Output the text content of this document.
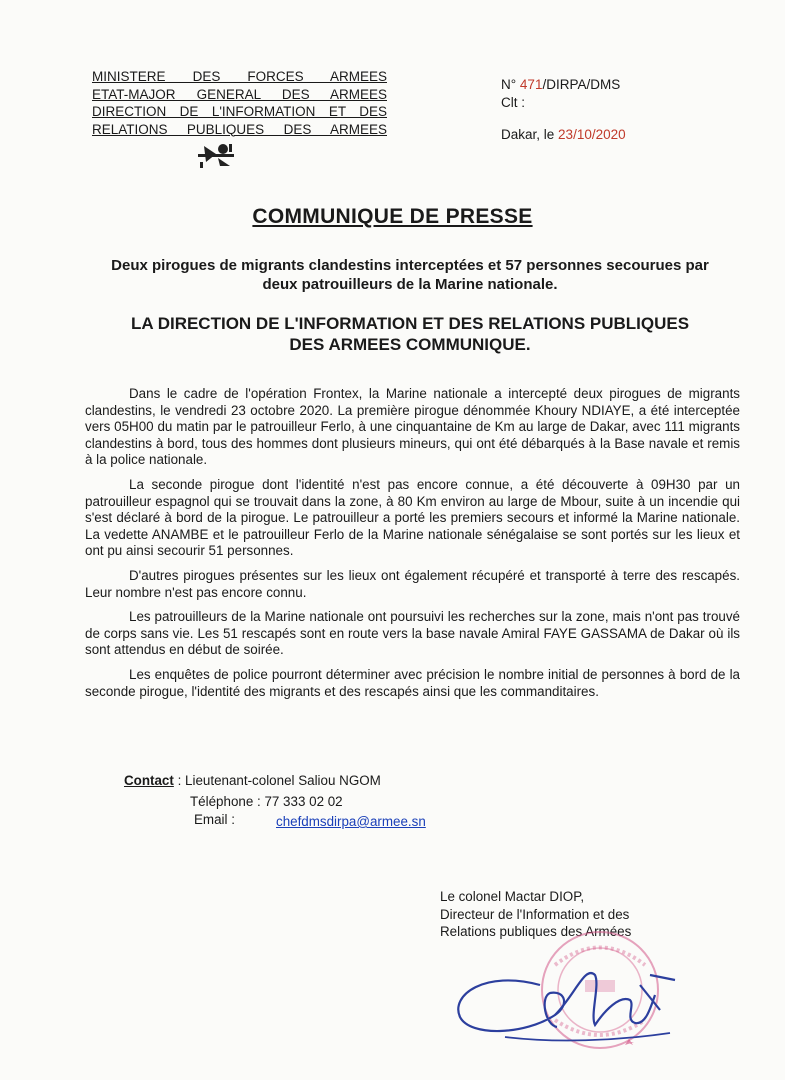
MINISTERE DES FORCES ARMEES
ETAT-MAJOR GENERAL DES ARMEES
DIRECTION DE L'INFORMATION ET DES
RELATIONS PUBLIQUES DES ARMEES
N° 471/DIRPA/DMS
Clt :
Dakar, le 23/10/2020
COMMUNIQUE DE PRESSE
Deux pirogues de migrants clandestins interceptées et 57 personnes secourues par deux patrouilleurs de la Marine nationale.
LA DIRECTION DE L'INFORMATION ET DES RELATIONS PUBLIQUES DES ARMEES COMMUNIQUE.

Dans le cadre de l'opération Frontex, la Marine nationale a intercepté deux pirogues de migrants clandestins, le vendredi 23 octobre 2020. La première pirogue dénommée Khoury NDIAYE, a été interceptée vers 05H00 du matin par le patrouilleur Ferlo, à une cinquantaine de Km au large de Dakar, avec 111 migrants clandestins à bord, tous des hommes dont plusieurs mineurs, qui ont été débarqués à la Base navale et remis à la police nationale.

La seconde pirogue dont l'identité n'est pas encore connue, a été découverte à 09H30 par un patrouilleur espagnol qui se trouvait dans la zone, à 80 Km environ au large de Mbour, suite à un incendie qui s'est déclaré à bord de la pirogue. Le patrouilleur a porté les premiers secours et informé la Marine nationale. La vedette ANAMBE et le patrouilleur Ferlo de la Marine nationale sénégalaise se sont portés sur les lieux et ont pu ainsi secourir 51 personnes.

D'autres pirogues présentes sur les lieux ont également récupéré et transporté à terre des rescapés. Leur nombre n'est pas encore connu.

Les patrouilleurs de la Marine nationale ont poursuivi les recherches sur la zone, mais n'ont pas trouvé de corps sans vie. Les 51 rescapés sont en route vers la base navale Amiral FAYE GASSAMA de Dakar où ils sont attendus en début de soirée.

Les enquêtes de police pourront déterminer avec précision le nombre initial de personnes à bord de la seconde pirogue, l'identité des migrants et des rescapés ainsi que les commanditaires.

Contact : Lieutenant-colonel Saliou NGOM
Téléphone : 77 333 02 02
Email :	chefdmsdirpa@armee.sn
Le colonel Mactar DIOP,
Directeur de l'Information et des
Relations publiques des Armées
